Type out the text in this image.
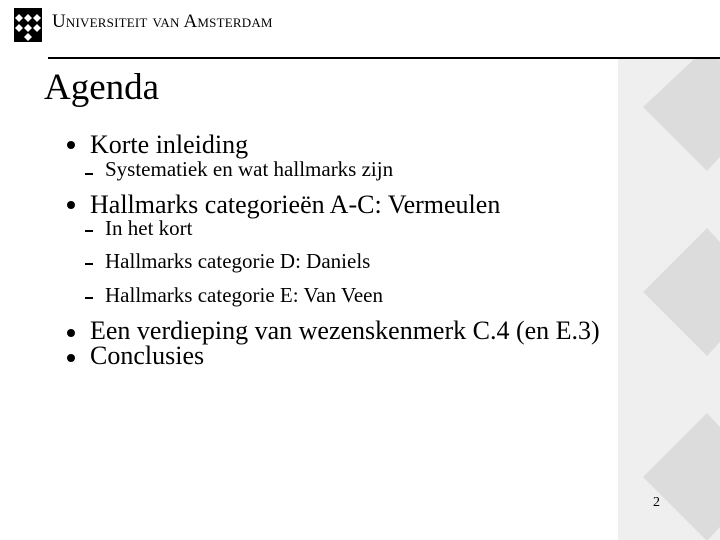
Universiteit van Amsterdam
Agenda
Korte inleiding
Systematiek en wat hallmarks zijn
Hallmarks categorieën A-C: Vermeulen
In het kort
Hallmarks categorie D: Daniels
Hallmarks categorie E: Van Veen
Een verdieping van wezenskenmerk C.4 (en E.3)
Conclusies
2
